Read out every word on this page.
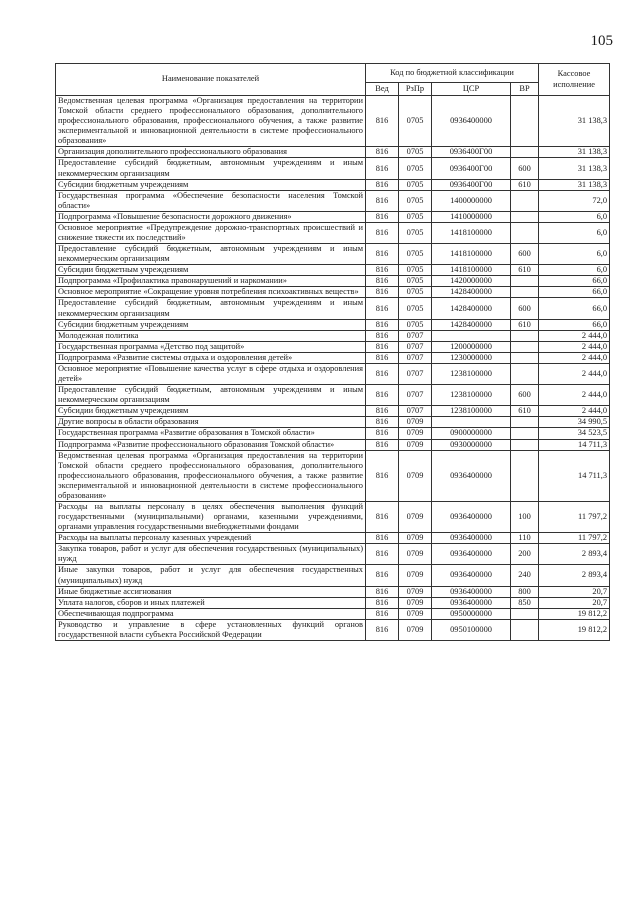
105
Наименование показателей	Код по бюджетной классификации				Кассовое исполнение
	Вед	РзПр	ЦСР	ВР	
Ведомственная целевая программа «Организация предоставления на территории Томской области среднего профессионального образования, дополнительного профессионального образования, профессионального обучения, а также развитие экспериментальной и инновационной деятельности в системе профессионального образования»	816	0705	0936400000		31 138,3
Организация дополнительного профессионального образования	816	0705	0936400Г00		31 138,3
Предоставление субсидий бюджетным, автономным учреждениям и иным некоммерческим организациям	816	0705	0936400Г00	600	31 138,3
Субсидии бюджетным учреждениям	816	0705	0936400Г00	610	31 138,3
Государственная программа «Обеспечение безопасности населения Томской области»	816	0705	1400000000		72,0
Подпрограмма «Повышение безопасности дорожного движения»	816	0705	1410000000		6,0
Основное мероприятие «Предупреждение дорожно-транспортных происшествий и снижение тяжести их последствий»	816	0705	1418100000		6,0
Предоставление субсидий бюджетным, автономным учреждениям и иным некоммерческим организациям	816	0705	1418100000	600	6,0
Субсидии бюджетным учреждениям	816	0705	1418100000	610	6,0
Подпрограмма «Профилактика правонарушений и наркомании»	816	0705	1420000000		66,0
Основное мероприятие «Сокращение уровня потребления психоактивных веществ»	816	0705	1428400000		66,0
Предоставление субсидий бюджетным, автономным учреждениям и иным некоммерческим организациям	816	0705	1428400000	600	66,0
Субсидии бюджетным учреждениям	816	0705	1428400000	610	66,0
Молодежная политика	816	0707			2 444,0
Государственная программа «Детство под защитой»	816	0707	1200000000		2 444,0
Подпрограмма «Развитие системы отдыха и оздоровления детей»	816	0707	1230000000		2 444,0
Основное мероприятие «Повышение качества услуг в сфере отдыха и оздоровления детей»	816	0707	1238100000		2 444,0
Предоставление субсидий бюджетным, автономным учреждениям и иным некоммерческим организациям	816	0707	1238100000	600	2 444,0
Субсидии бюджетным учреждениям	816	0707	1238100000	610	2 444,0
Другие вопросы в области образования	816	0709			34 990,5
Государственная программа «Развитие образования в Томской области»	816	0709	0900000000		34 523,5
Подпрограмма «Развитие профессионального образования Томской области»	816	0709	0930000000		14 711,3
Ведомственная целевая программа «Организация предоставления на территории Томской области среднего профессионального образования, дополнительного профессионального образования, профессионального обучения, а также развитие экспериментальной и инновационной деятельности в системе профессионального образования»	816	0709	0936400000		14 711,3
Расходы на выплаты персоналу в целях обеспечения выполнения функций государственными (муниципальными) органами, казенными учреждениями, органами управления государственными внебюджетными фондами	816	0709	0936400000	100	11 797,2
Расходы на выплаты персоналу казенных учреждений	816	0709	0936400000	110	11 797,2
Закупка товаров, работ и услуг для обеспечения государственных (муниципальных) нужд	816	0709	0936400000	200	2 893,4
Иные закупки товаров, работ и услуг для обеспечения государственных (муниципальных) нужд	816	0709	0936400000	240	2 893,4
Иные бюджетные ассигнования	816	0709	0936400000	800	20,7
Уплата налогов, сборов и иных платежей	816	0709	0936400000	850	20,7
Обеспечивающая подпрограмма	816	0709	0950000000		19 812,2
Руководство и управление в сфере установленных функций органов государственной власти субъекта Российской Федерации	816	0709	0950100000		19 812,2
